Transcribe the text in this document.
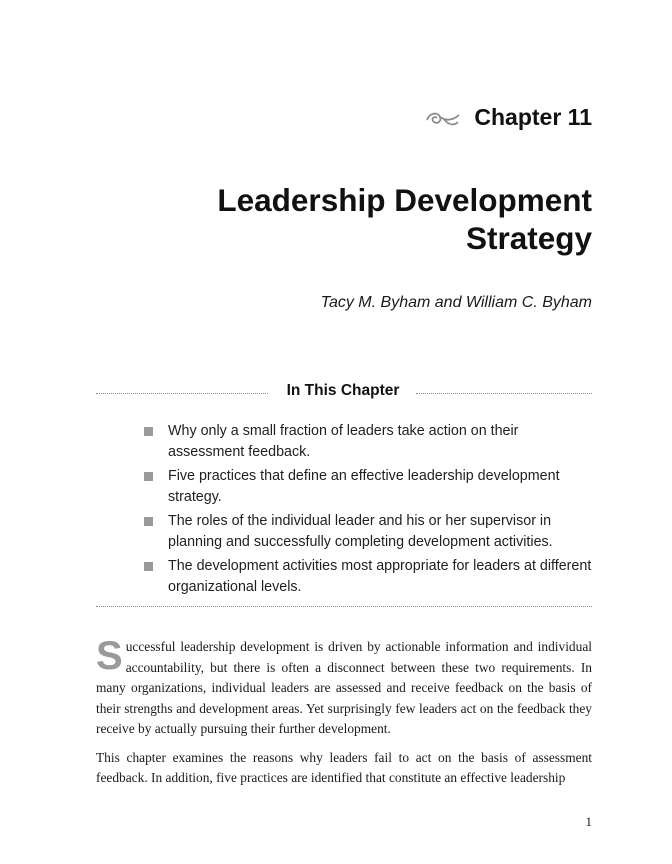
Chapter 11
Leadership Development
Strategy
Tacy M. Byham and William C. Byham
In This Chapter
Why only a small fraction of leaders take action on their assessment feedback.
Five practices that define an effective leadership development strategy.
The roles of the individual leader and his or her supervisor in planning and successfully completing development activities.
The development activities most appropriate for leaders at different organizational levels.

Successful leadership development is driven by actionable information and individual accountability, but there is often a disconnect between these two requirements. In many organizations, individual leaders are assessed and receive feedback on the basis of their strengths and development areas. Yet surprisingly few leaders act on the feedback they receive by actually pursuing their further development.

This chapter examines the reasons why leaders fail to act on the basis of assessment feedback. In addition, five practices are identified that constitute an effective leadership

1
